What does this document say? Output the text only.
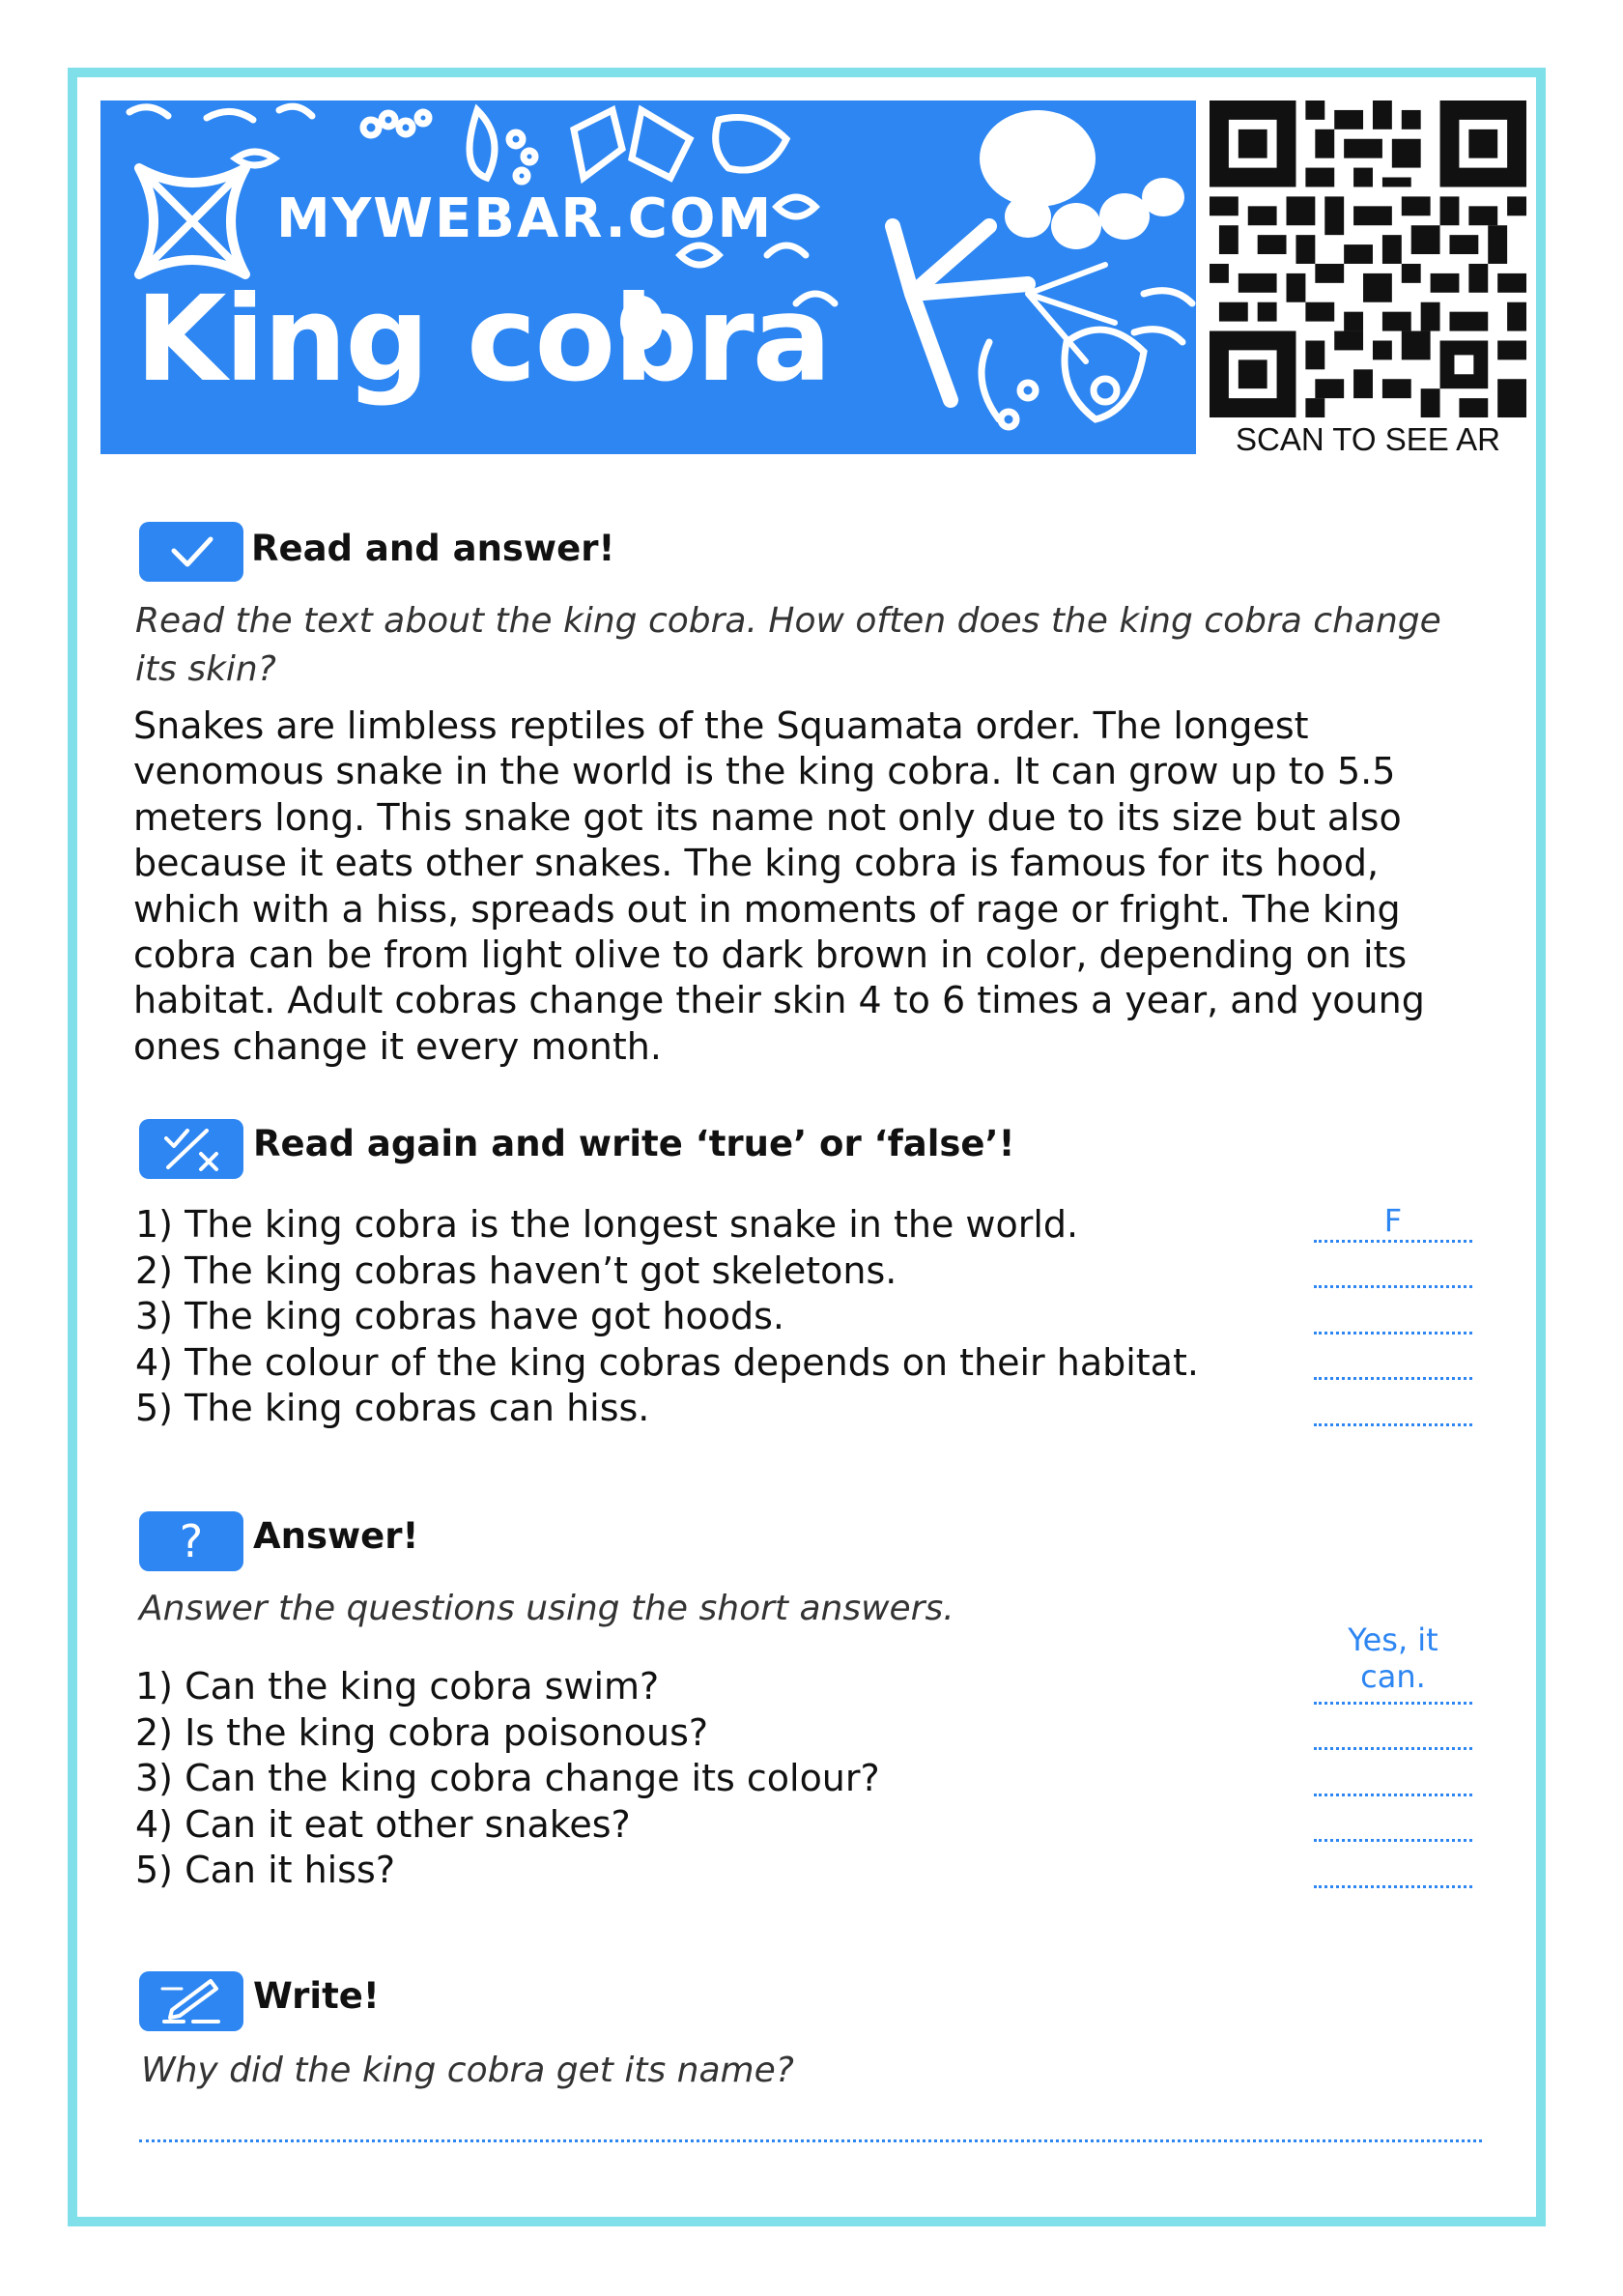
MYWEBAR.COM
King cobra
SCAN TO SEE AR
Read and answer!
Read the text about the king cobra. How often does the king cobra change its skin?
Snakes are limbless reptiles of the Squamata order. The longest venomous snake in the world is the king cobra. It can grow up to 5.5 meters long. This snake got its name not only due to its size but also because it eats other snakes. The king cobra is famous for its hood, which with a hiss, spreads out in moments of rage or fright. The king cobra can be from light olive to dark brown in color, depending on its habitat. Adult cobras change their skin 4 to 6 times a year, and young ones change it every month.
Read again and write ‘true’ or ‘false’!
1) The king cobra is the longest snake in the world.
2) The king cobras haven’t got skeletons.
3) The king cobras have got hoods.
4) The colour of the king cobras depends on their habitat.
5) The king cobras can hiss.
F
? Answer!
Answer the questions using the short answers.
1) Can the king cobra swim?
2) Is the king cobra poisonous?
3) Can the king cobra change its colour?
4) Can it eat other snakes?
5) Can it hiss?
Yes, it can.
Write!
Why did the king cobra get its name?
